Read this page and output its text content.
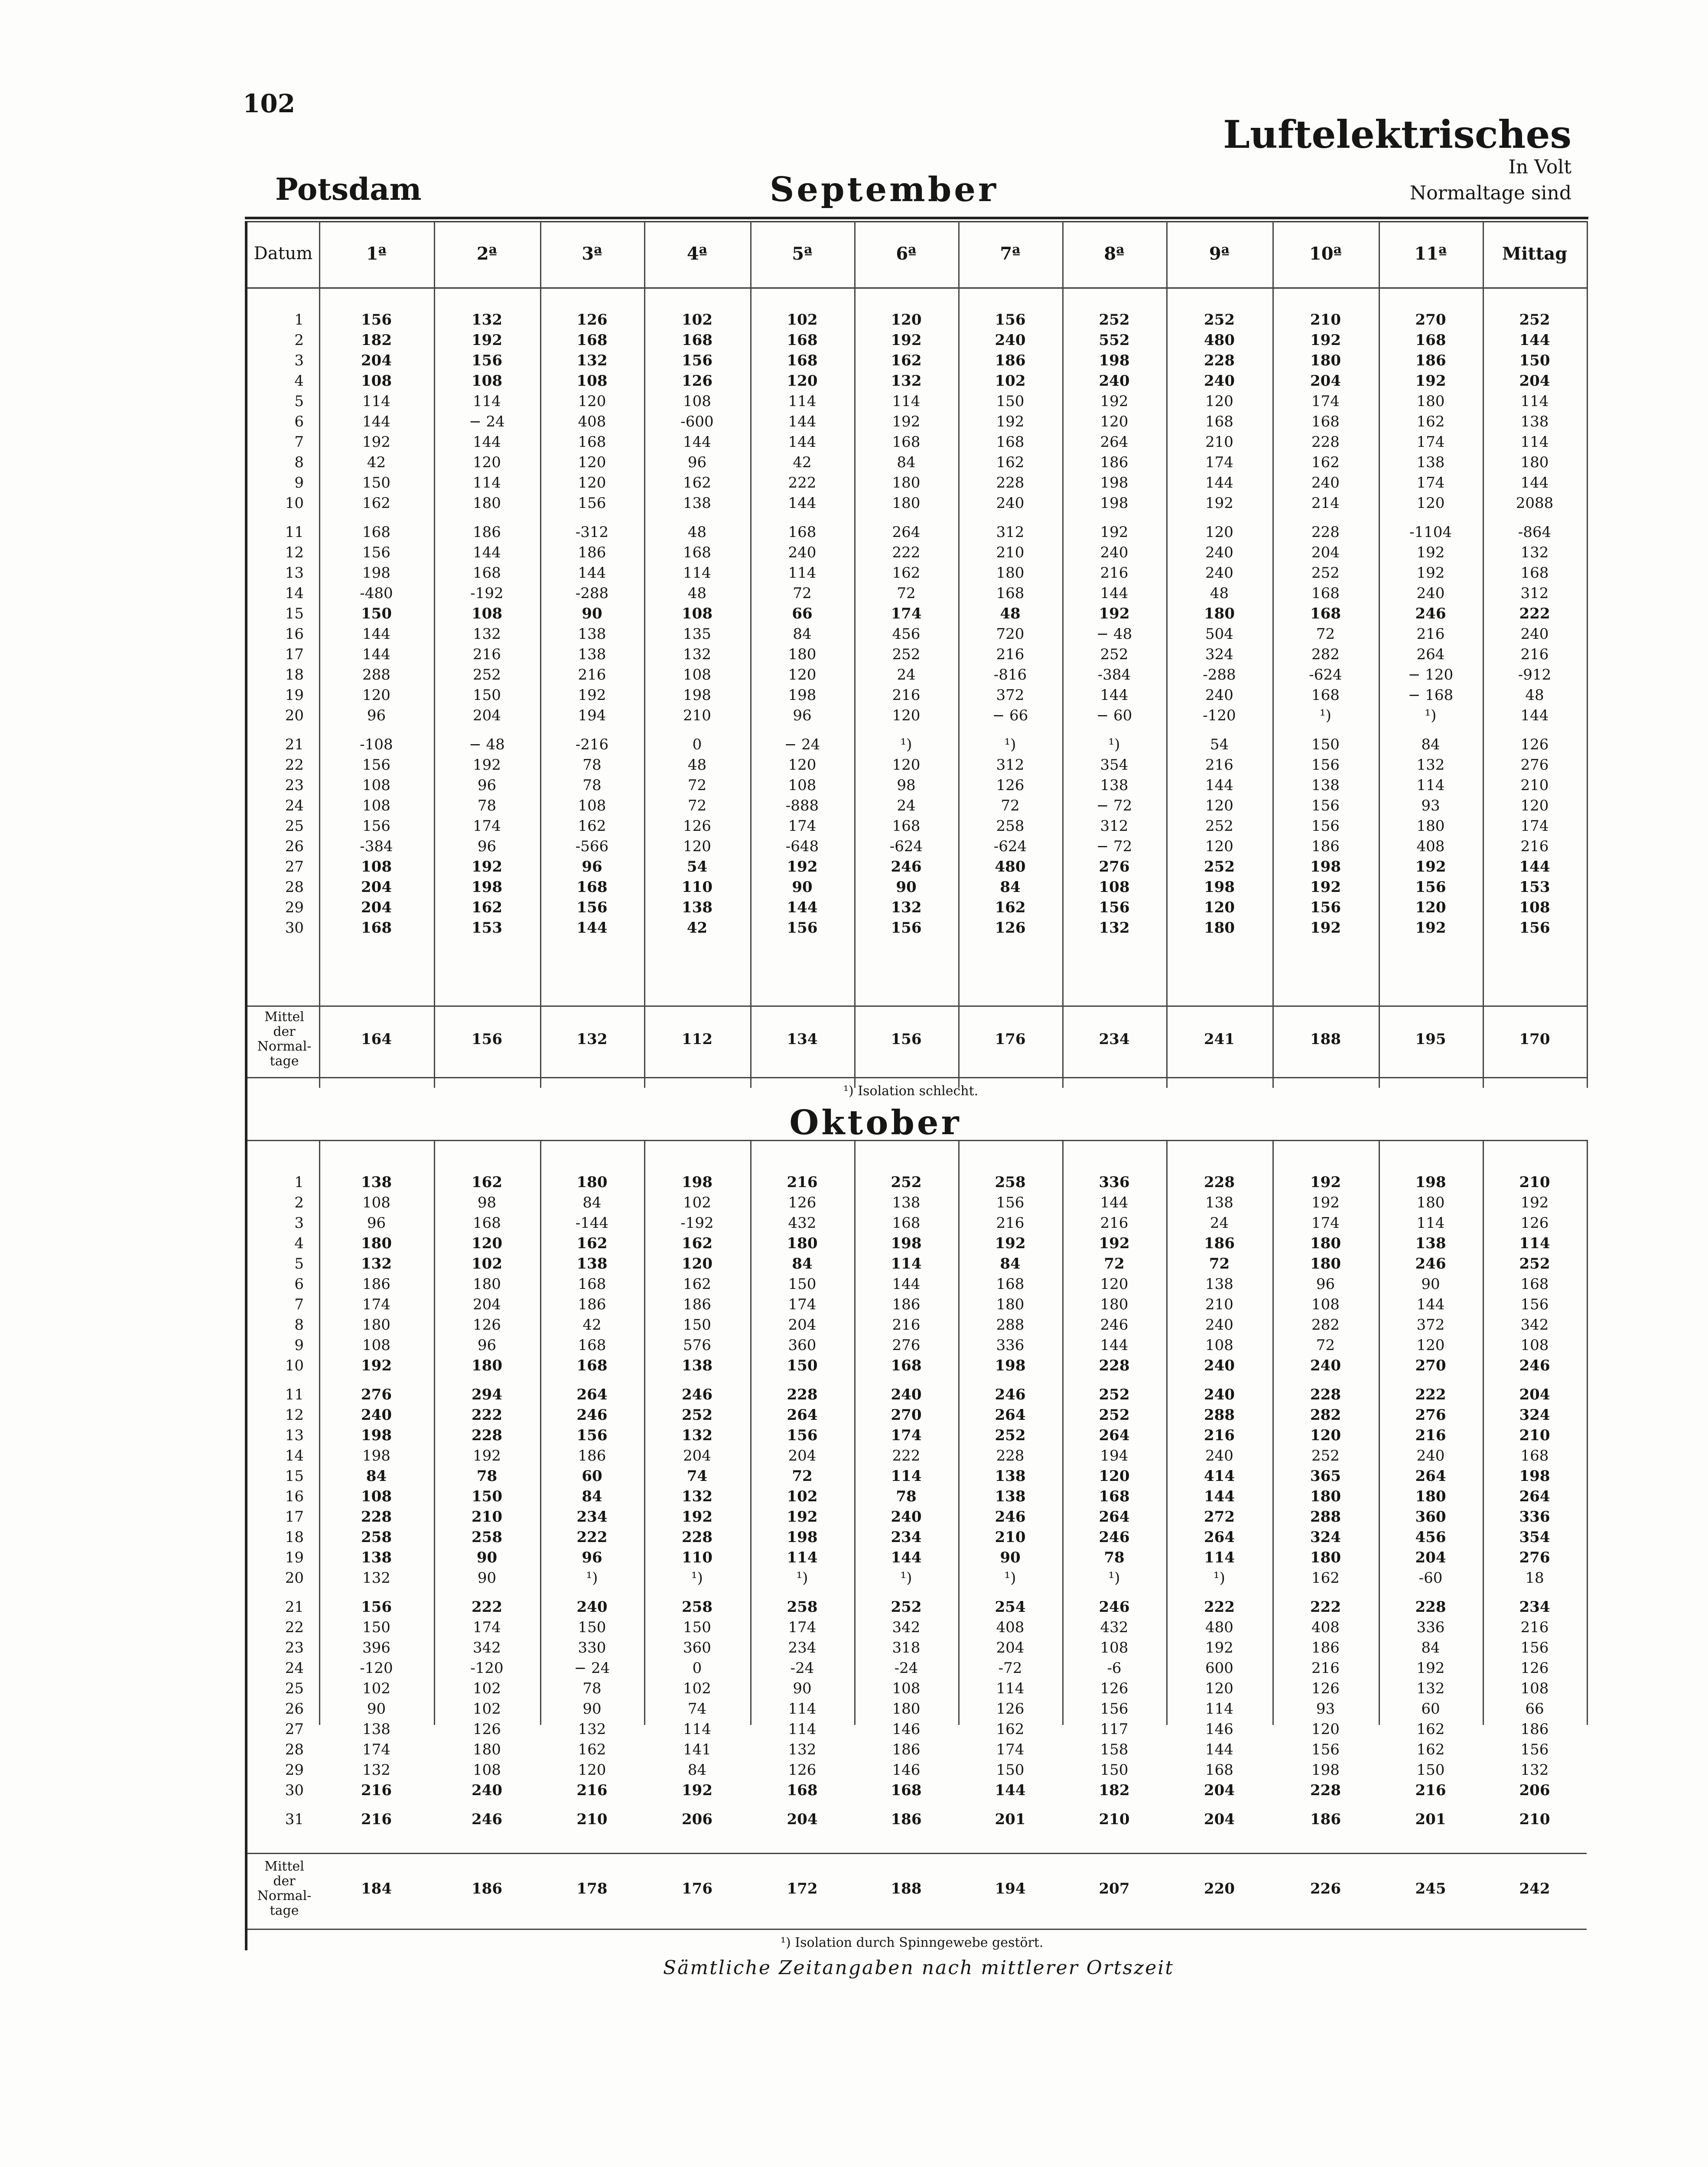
102
Luftelektrisches
In Volt
Normaltage sind
Potsdam	September
Datum	1ª	2ª	3ª	4ª	5ª	6ª	7ª	8ª	9ª	10ª	11ª	Mittag
1	156	132	126	102	102	120	156	252	252	210	270	252
2	182	192	168	168	168	192	240	552	480	192	168	144
3	204	156	132	156	168	162	186	198	228	180	186	150
4	108	108	108	126	120	132	102	240	240	204	192	204
5	114	114	120	108	114	114	150	192	120	174	180	114
6	144	− 24	408	-600	144	192	192	120	168	168	162	138
7	192	144	168	144	144	168	168	264	210	228	174	114
8	42	120	120	96	42	84	162	186	174	162	138	180
9	150	114	120	162	222	180	228	198	144	240	174	144
10	162	180	156	138	144	180	240	198	192	214	120	2088
11	168	186	-312	48	168	264	312	192	120	228	-1104	-864
12	156	144	186	168	240	222	210	240	240	204	192	132
13	198	168	144	114	114	162	180	216	240	252	192	168
14	-480	-192	-288	48	72	72	168	144	48	168	240	312
15	150	108	90	108	66	174	48	192	180	168	246	222
16	144	132	138	135	84	456	720	− 48	504	72	216	240
17	144	216	138	132	180	252	216	252	324	282	264	216
18	288	252	216	108	120	24	-816	-384	-288	-624	− 120	-912
19	120	150	192	198	198	216	372	144	240	168	− 168	48
20	96	204	194	210	96	120	− 66	− 60	-120	¹)	¹)	144
21	-108	− 48	-216	0	− 24	¹)	¹)	¹)	54	150	84	126
22	156	192	78	48	120	120	312	354	216	156	132	276
23	108	96	78	72	108	98	126	138	144	138	114	210
24	108	78	108	72	-888	24	72	− 72	120	156	93	120
25	156	174	162	126	174	168	258	312	252	156	180	174
26	-384	96	-566	120	-648	-624	-624	− 72	120	186	408	216
27	108	192	96	54	192	246	480	276	252	198	192	144
28	204	198	168	110	90	90	84	108	198	192	156	153
29	204	162	156	138	144	132	162	156	120	156	120	108
30	168	153	144	42	156	156	126	132	180	192	192	156
Mittel
der
Normal-
tage
164	156	132	112	134	156	176	234	241	188	195	170
¹) Isolation schlecht.
1	138	162	180	198	216	252	258	336	228	192	198	210
2	108	98	84	102	126	138	156	144	138	192	180	192
3	96	168	-144	-192	432	168	216	216	24	174	114	126
4	180	120	162	162	180	198	192	192	186	180	138	114
5	132	102	138	120	84	114	84	72	72	180	246	252
6	186	180	168	162	150	144	168	120	138	96	90	168
7	174	204	186	186	174	186	180	180	210	108	144	156
8	180	126	42	150	204	216	288	246	240	282	372	342
9	108	96	168	576	360	276	336	144	108	72	120	108
10	192	180	168	138	150	168	198	228	240	240	270	246
11	276	294	264	246	228	240	246	252	240	228	222	204
12	240	222	246	252	264	270	264	252	288	282	276	324
13	198	228	156	132	156	174	252	264	216	120	216	210
14	198	192	186	204	204	222	228	194	240	252	240	168
15	84	78	60	74	72	114	138	120	414	365	264	198
16	108	150	84	132	102	78	138	168	144	180	180	264
17	228	210	234	192	192	240	246	264	272	288	360	336
18	258	258	222	228	198	234	210	246	264	324	456	354
19	138	90	96	110	114	144	90	78	114	180	204	276
20	132	90	¹)	¹)	¹)	¹)	¹)	¹)	¹)	162	-60	18
21	156	222	240	258	258	252	254	246	222	222	228	234
22	150	174	150	150	174	342	408	432	480	408	336	216
23	396	342	330	360	234	318	204	108	192	186	84	156
24	-120	-120	− 24	0	-24	-24	-72	-6	600	216	192	126
25	102	102	78	102	90	108	114	126	120	126	132	108
26	90	102	90	74	114	180	126	156	114	93	60	66
27	138	126	132	114	114	146	162	117	146	120	162	186
28	174	180	162	141	132	186	174	158	144	156	162	156
29	132	108	120	84	126	146	150	150	168	198	150	132
30	216	240	216	192	168	168	144	182	204	228	216	206
31	216	246	210	206	204	186	201	210	204	186	201	210
Mittel
der
Normal-
tage
184	186	178	176	172	188	194	207	220	226	245	242
¹) Isolation durch Spinngewebe gestört.
Oktober
Sämtliche Zeitangaben nach mittlerer Ortszeit
